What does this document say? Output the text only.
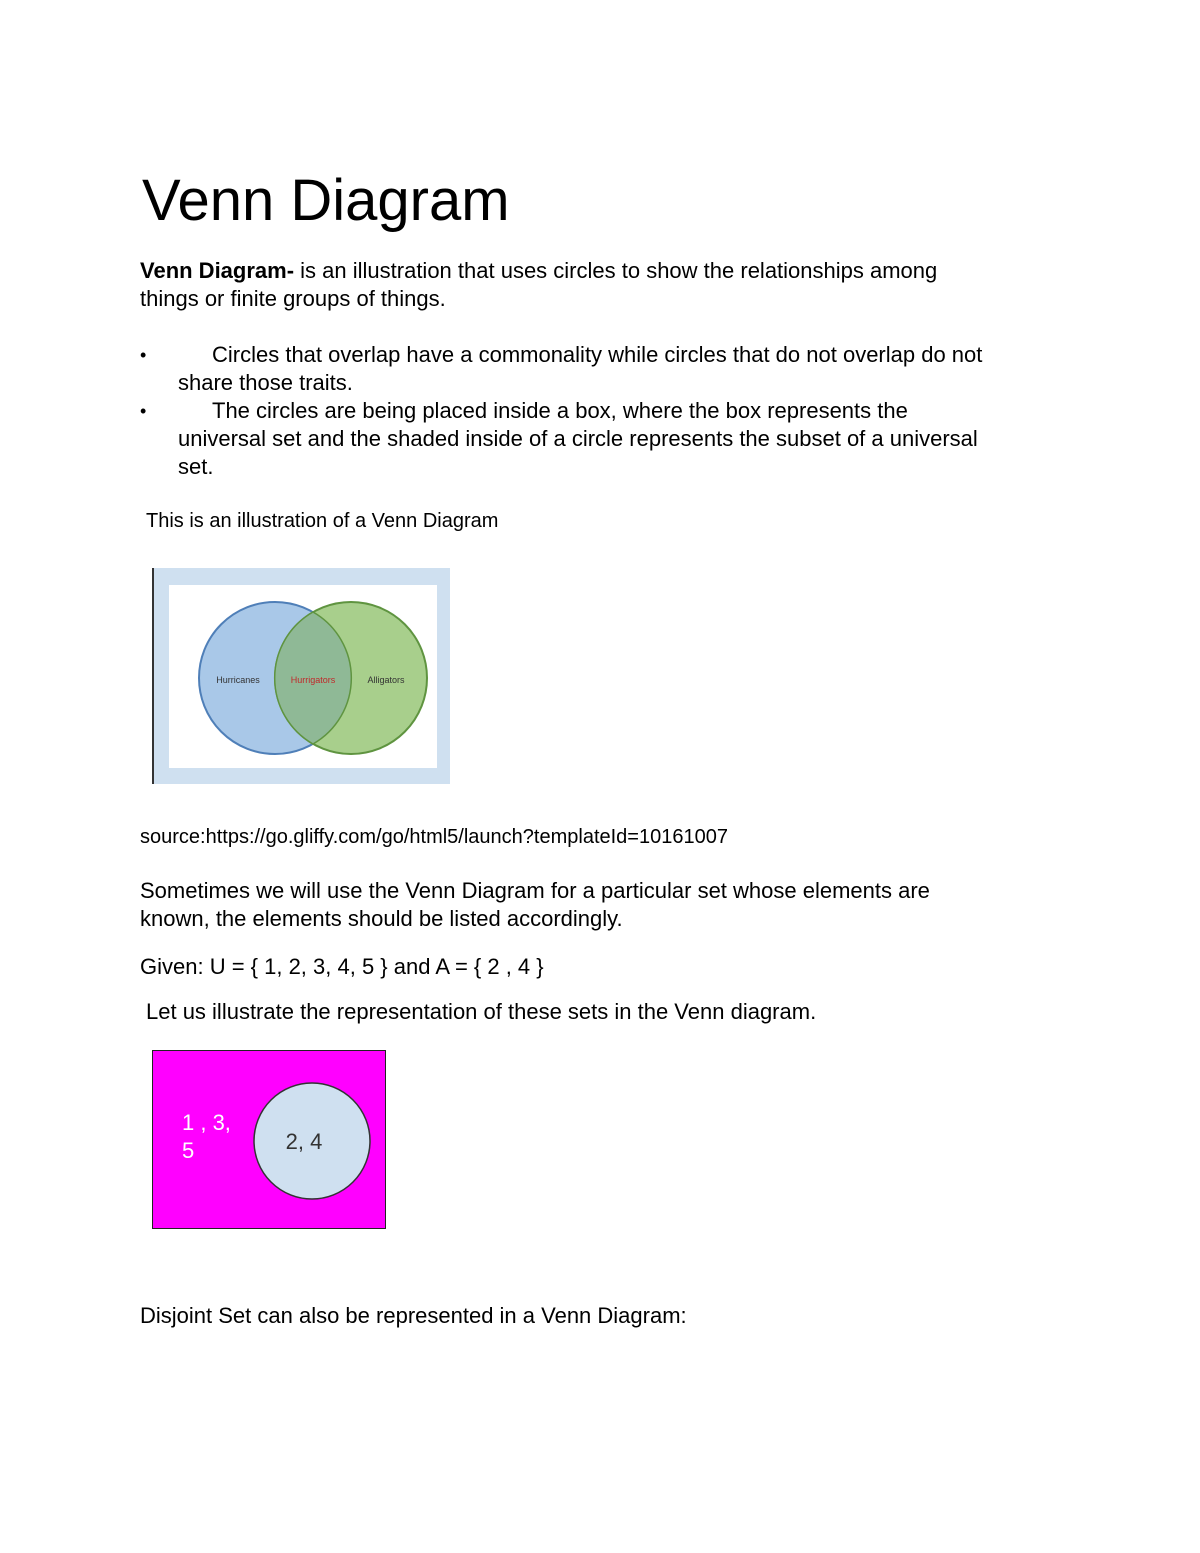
Venn Diagram
Venn Diagram- is an illustration that uses circles to show the relationships among
things or finite groups of things.
•	Circles that overlap have a commonality while circles that do not overlap do not
share those traits.
•	The circles are being placed inside a box, where the box represents the
universal set and the shaded inside of a circle represents the subset of a universal
set.
This is an illustration of a Venn Diagram
Hurricanes	Hurrigators	Alligators
source:https://go.gliffy.com/go/html5/launch?templateId=10161007
Sometimes we will use the Venn Diagram for a particular set whose elements are
known, the elements should be listed accordingly.
Given: U = { 1, 2, 3, 4, 5 } and A = { 2 , 4 }
Let us illustrate the representation of these sets in the Venn diagram.
1 , 3,
5	2, 4
Disjoint Set can also be represented in a Venn Diagram:
